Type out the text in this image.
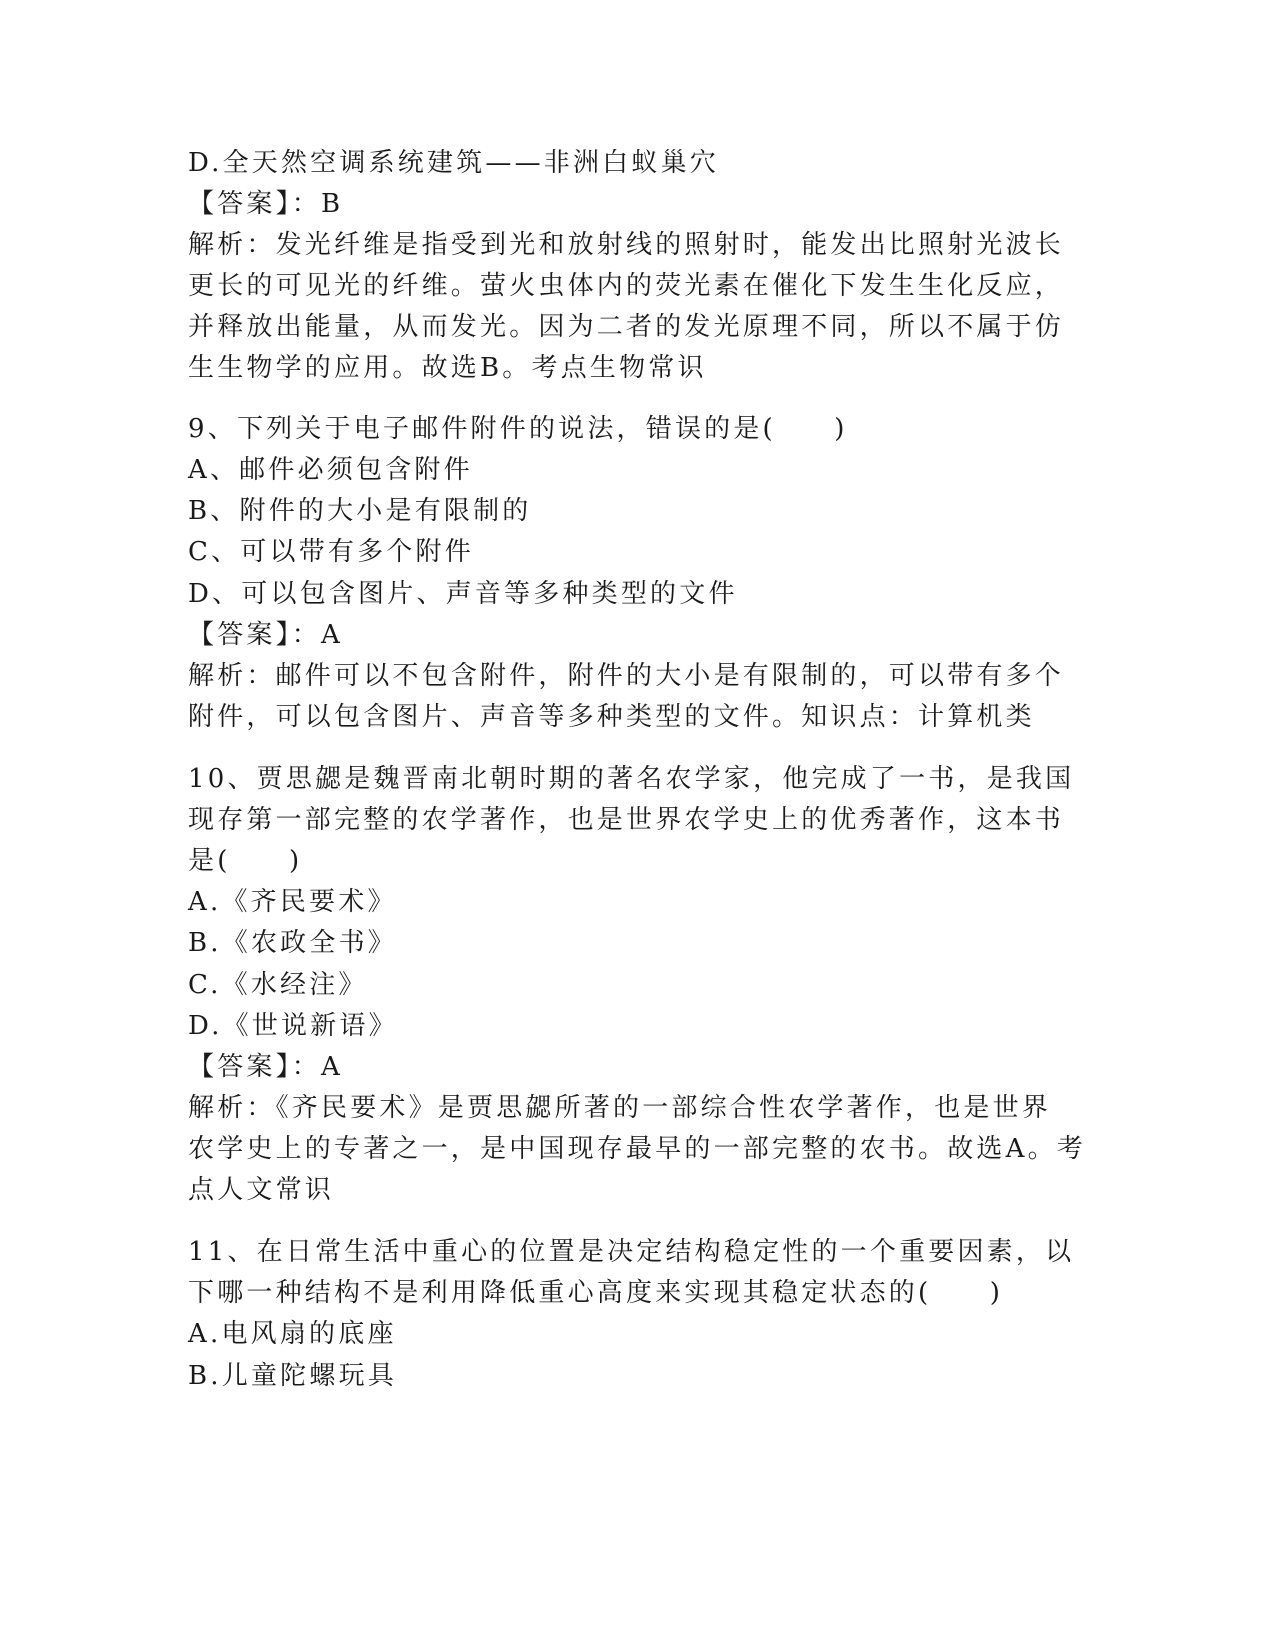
D.全天然空调系统建筑——非洲白蚁巢穴
【答案】：B
解析：发光纤维是指受到光和放射线的照射时，能发出比照射光波长
更长的可见光的纤维。萤火虫体内的荧光素在催化下发生生化反应，
并释放出能量，从而发光。因为二者的发光原理不同，所以不属于仿
生生物学的应用。故选B。考点生物常识
9、下列关于电子邮件附件的说法，错误的是(　　)
A、邮件必须包含附件
B、附件的大小是有限制的
C、可以带有多个附件
D、可以包含图片、声音等多种类型的文件
【答案】：A
解析：邮件可以不包含附件，附件的大小是有限制的，可以带有多个
附件，可以包含图片、声音等多种类型的文件。知识点：计算机类
10、贾思勰是魏晋南北朝时期的著名农学家，他完成了一书，是我国
现存第一部完整的农学著作，也是世界农学史上的优秀著作，这本书
是(　　)
A.《齐民要术》
B.《农政全书》
C.《水经注》
D.《世说新语》
【答案】：A
解析：《齐民要术》是贾思勰所著的一部综合性农学著作，也是世界
农学史上的专著之一，是中国现存最早的一部完整的农书。故选A。考
点人文常识
11、在日常生活中重心的位置是决定结构稳定性的一个重要因素，以
下哪一种结构不是利用降低重心高度来实现其稳定状态的(　　)
A.电风扇的底座
B.儿童陀螺玩具
